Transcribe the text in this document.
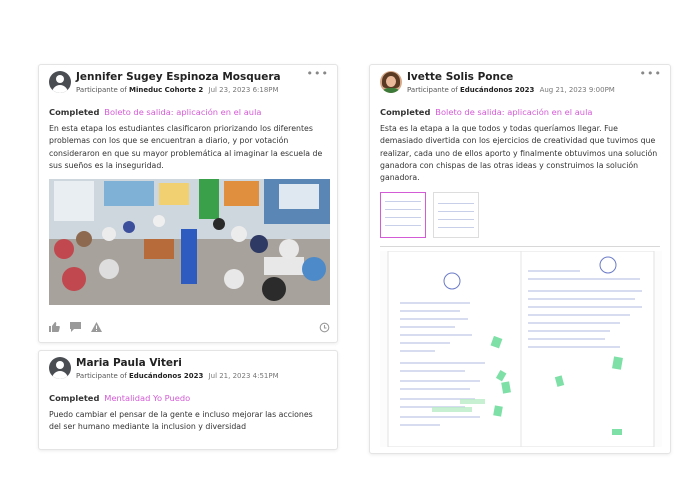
Jennifer Sugey Espinoza Mosquera
Participante of Mineduc Cohorte 2 Jul 23, 2023 6:18PM
•••
Completed Boleto de salida: aplicación en el aula
En esta etapa los estudiantes clasificaron priorizando los diferentes problemas con los que se encuentran a diario, y por votación consideraron en que su mayor problemática al imaginar la escuela de sus sueños es la inseguridad.
Maria Paula Viteri
Participante of Educándonos 2023 Jul 21, 2023 4:51PM
Completed Mentalidad Yo Puedo
Puedo cambiar el pensar de la gente e incluso mejorar las acciones del ser humano mediante la inclusion y diversidad
Ivette Solis Ponce
Participante of Educándonos 2023 Aug 21, 2023 9:00PM
•••
Completed Boleto de salida: aplicación en el aula
Esta es la etapa a la que todos y todas queríamos llegar. Fue demasiado divertida con los ejercicios de creatividad que tuvimos que realizar, cada uno de ellos aporto y finalmente obtuvimos una solución ganadora con chispas de las otras ideas y construimos la solución ganadora.
